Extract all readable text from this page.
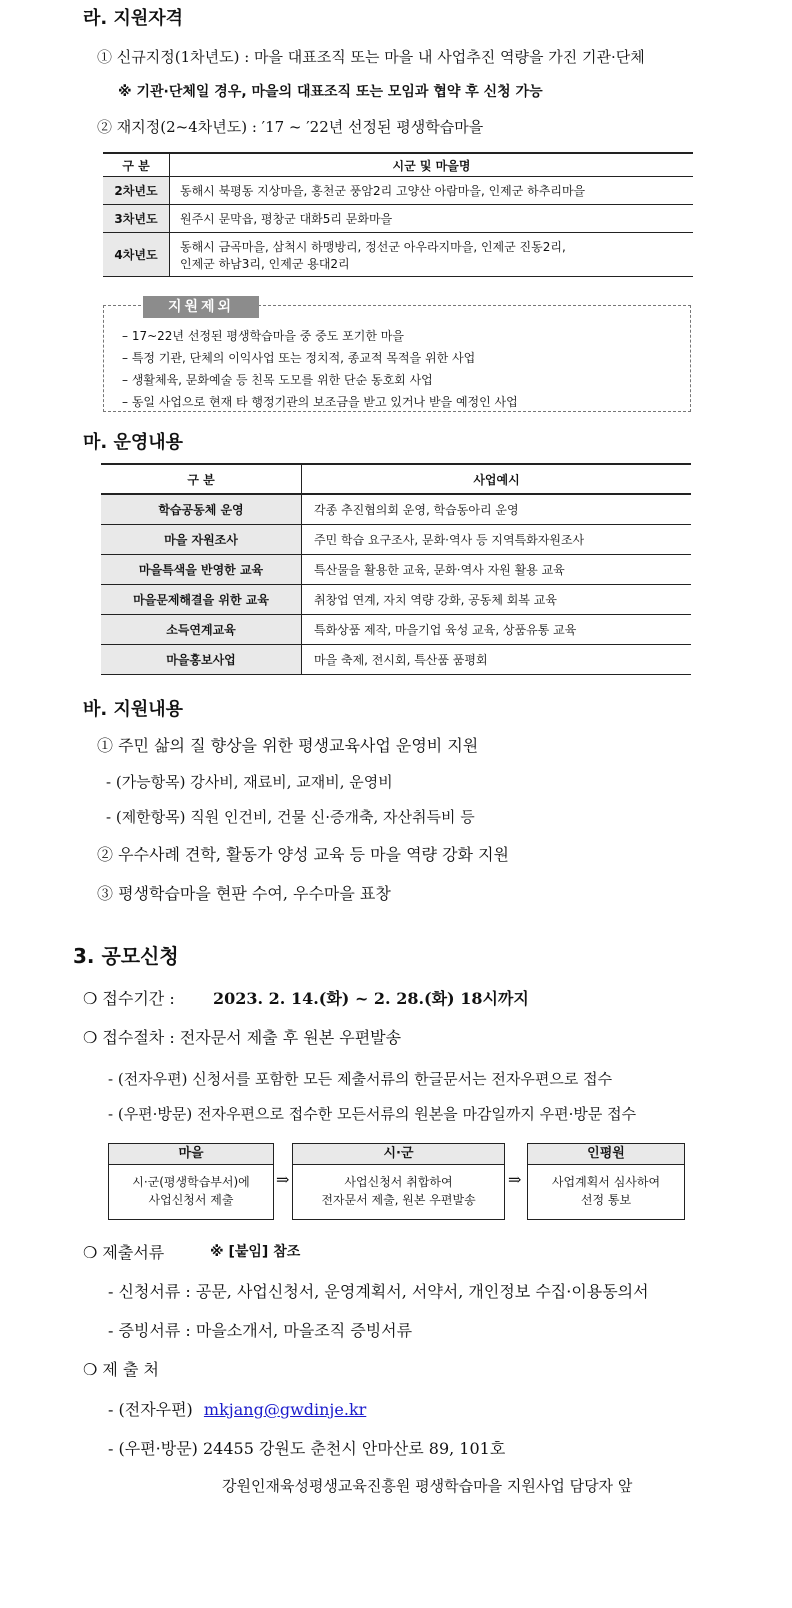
라. 지원자격
① 신규지정(1차년도) : 마을 대표조직 또는 마을 내 사업추진 역량을 가진 기관·단체
※ 기관·단체일 경우, 마을의 대표조직 또는 모임과 협약 후 신청 가능
② 재지정(2~4차년도) : ′17 ~ ′22년 선정된 평생학습마을
구 분	시군 및 마을명
2차년도	동해시 북평동 지상마을, 홍천군 풍암2리 고양산 아람마을, 인제군 하추리마을
3차년도	원주시 문막읍, 평창군 대화5리 문화마을
4차년도	동해시 금곡마을, 삼척시 하맹방리, 정선군 아우라지마을, 인제군 진동2리,
인제군 하남3리, 인제군 용대2리
지원제외
– 17~22년 선정된 평생학습마을 중 중도 포기한 마을
– 특정 기관, 단체의 이익사업 또는 정치적, 종교적 목적을 위한 사업
– 생활체육, 문화예술 등 친목 도모를 위한 단순 동호회 사업
– 동일 사업으로 현재 타 행정기관의 보조금을 받고 있거나 받을 예정인 사업
마. 운영내용
구 분	사업예시
학습공동체 운영	각종 추진협의회 운영, 학습동아리 운영
마을 자원조사	주민 학습 요구조사, 문화·역사 등 지역특화자원조사
마을특색을 반영한 교육	특산물을 활용한 교육, 문화·역사 자원 활용 교육
마을문제해결을 위한 교육	취창업 연계, 자치 역량 강화, 공동체 회복 교육
소득연계교육	특화상품 제작, 마을기업 육성 교육, 상품유통 교육
마을홍보사업	마을 축제, 전시회, 특산품 품평회
바. 지원내용
① 주민 삶의 질 향상을 위한 평생교육사업 운영비 지원
- (가능항목) 강사비, 재료비, 교재비, 운영비
- (제한항목) 직원 인건비, 건물 신·증개축, 자산취득비 등
② 우수사례 견학, 활동가 양성 교육 등 마을 역량 강화 지원
③ 평생학습마을 현판 수여, 우수마을 표창
3. 공모신청
❍ 접수기간 : 2023. 2. 14.(화) ~ 2. 28.(화) 18시까지
❍ 접수절차 : 전자문서 제출 후 원본 우편발송
- (전자우편) 신청서를 포함한 모든 제출서류의 한글문서는 전자우편으로 접수
- (우편·방문) 전자우편으로 접수한 모든서류의 원본을 마감일까지 우편·방문 접수
마을
시·군(평생학습부서)에
사업신청서 제출
⇒
시·군
사업신청서 취합하여
전자문서 제출, 원본 우편발송
⇒
인평원
사업계획서 심사하여
선정 통보
❍ 제출서류	※ [붙임] 참조
- 신청서류 : 공문, 사업신청서, 운영계획서, 서약서, 개인정보 수집·이용동의서
- 증빙서류 : 마을소개서, 마을조직 증빙서류
❍ 제 출 처
- (전자우편) mkjang@gwdinje.kr
- (우편·방문) 24455 강원도 춘천시 안마산로 89, 101호
강원인재육성평생교육진흥원 평생학습마을 지원사업 담당자 앞
